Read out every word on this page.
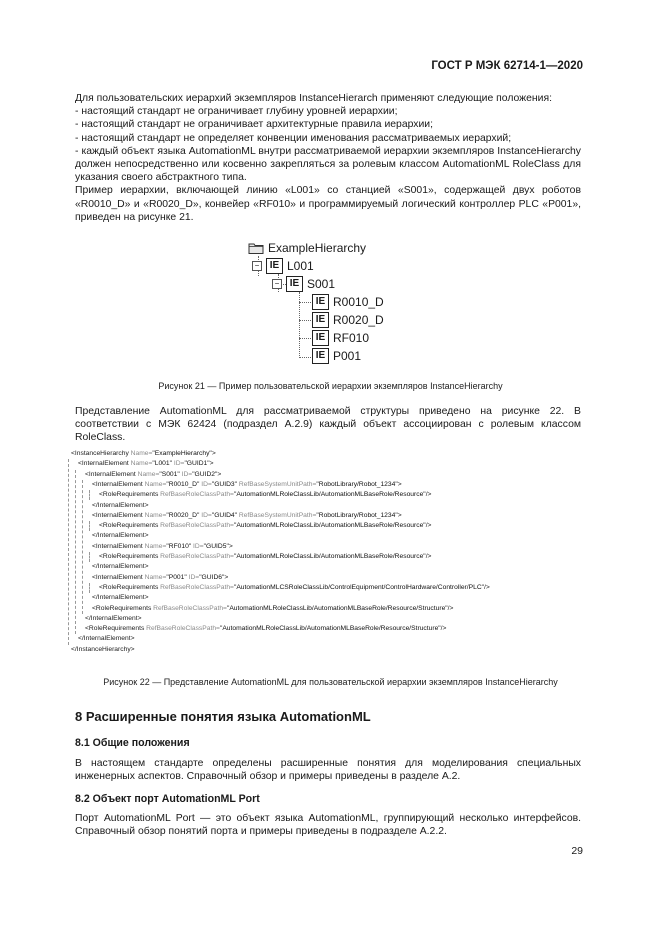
ГОСТ Р МЭК 62714-1—2020

Для пользовательских иерархий экземпляров InstanceHierarch применяют следующие положения:

- настоящий стандарт не ограничивает глубину уровней иерархии;

- настоящий стандарт не ограничивает архитектурные правила иерархии;

- настоящий стандарт не определяет конвенции именования рассматриваемых иерархий;

- каждый объект языка AutomationML внутри рассматриваемой иерархии экземпляров InstanceHierarchy должен непосредственно или косвенно закрепляться за ролевым классом AutomationML RoleClass для указания своего абстрактного типа.

Пример иерархии, включающей линию «L001» со станцией «S001», содержащей двух роботов «R0010_D» и «R0020_D», конвейер «RF010» и программируемый логический контроллер PLC «P001», приведен на рисунке 21.

ExampleHierarchy
−	IE L001
−	IE S001
IE R0010_D
IE R0020_D
IE RF010
IE P001
Рисунок 21 — Пример пользовательской иерархии экземпляров InstanceHierarchy

Представление AutomationML для рассматриваемой структуры приведено на рисунке 22. В соответствии с МЭК 62424 (подраздел А.2.9) каждый объект ассоциирован с ролевым классом RoleClass.

<InstanceHierarchy Name="ExampleHierarchy">
<InternalElement Name="L001" ID="GUID1">
<InternalElement Name="S001" ID="GUID2">
<InternalElement Name="R0010_D" ID="GUID3" RefBaseSystemUnitPath="RobotLibrary/Robot_1234">
<RoleRequirements RefBaseRoleClassPath="AutomationMLRoleClassLib/AutomationMLBaseRole/Resource"/>
</InternalElement>
<InternalElement Name="R0020_D" ID="GUID4" RefBaseSystemUnitPath="RobotLibrary/Robot_1234">
<RoleRequirements RefBaseRoleClassPath="AutomationMLRoleClassLib/AutomationMLBaseRole/Resource"/>
</InternalElement>
<InternalElement Name="RF010" ID="GUID5">
<RoleRequirements RefBaseRoleClassPath="AutomationMLRoleClassLib/AutomationMLBaseRole/Resource"/>
</InternalElement>
<InternalElement Name="P001" ID="GUID6">
<RoleRequirements RefBaseRoleClassPath="AutomationMLCSRoleClassLib/ControlEquipment/ControlHardware/Controller/PLC"/>
</InternalElement>
<RoleRequirements RefBaseRoleClassPath="AutomationMLRoleClassLib/AutomationMLBaseRole/Resource/Structure"/>
</InternalElement>
<RoleRequirements RefBaseRoleClassPath="AutomationMLRoleClassLib/AutomationMLBaseRole/Resource/Structure"/>
</InternalElement>
</InstanceHierarchy>
Рисунок 22 — Представление AutomationML для пользовательской иерархии экземпляров InstanceHierarchy
8 Расширенные понятия языка AutomationML
8.1 Общие положения

В настоящем стандарте определены расширенные понятия для моделирования специальных инженерных аспектов. Справочный обзор и примеры приведены в разделе А.2.

8.2 Объект порт AutomationML Port

Порт AutomationML Port — это объект языка AutomationML, группирующий несколько интерфейсов. Справочный обзор понятий порта и примеры приведены в подразделе А.2.2.

29
